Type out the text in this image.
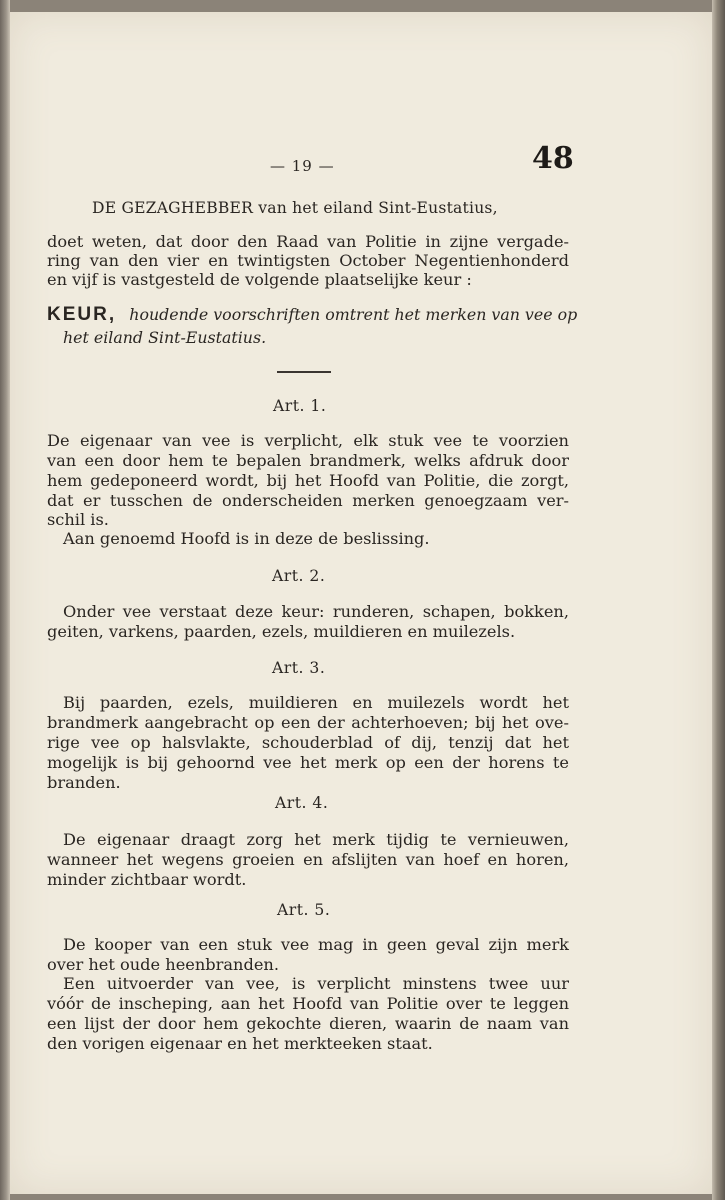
— 19 —	48
DE GEZAGHEBBER van het eiland Sint-Eustatius,
doet weten, dat door den Raad van Politie in zijne vergade-
ring van den vier en twintigsten October Negentienhonderd
en vijf is vastgesteld de volgende plaatselijke keur :
KEUR, houdende voorschriften omtrent het merken van vee op
het eiland Sint-Eustatius.
Art. 1.
De eigenaar van vee is verplicht, elk stuk vee te voorzien
van een door hem te bepalen brandmerk, welks afdruk door
hem gedeponeerd wordt, bij het Hoofd van Politie, die zorgt,
dat er tusschen de onderscheiden merken genoegzaam ver-
schil is.
Aan genoemd Hoofd is in deze de beslissing.
Art. 2.
Onder vee verstaat deze keur: runderen, schapen, bokken,
geiten, varkens, paarden, ezels, muildieren en muilezels.
Art. 3.
Bij paarden, ezels, muildieren en muilezels wordt het
brandmerk aangebracht op een der achterhoeven; bij het ove-
rige vee op halsvlakte, schouderblad of dij, tenzij dat het
mogelijk is bij gehoornd vee het merk op een der horens te
branden.
Art. 4.
De eigenaar draagt zorg het merk tijdig te vernieuwen,
wanneer het wegens groeien en afslijten van hoef en horen,
minder zichtbaar wordt.
Art. 5.
De kooper van een stuk vee mag in geen geval zijn merk
over het oude heenbranden.
Een uitvoerder van vee, is verplicht minstens twee uur
vóór de inscheping, aan het Hoofd van Politie over te leggen
een lijst der door hem gekochte dieren, waarin de naam van
den vorigen eigenaar en het merkteeken staat.
